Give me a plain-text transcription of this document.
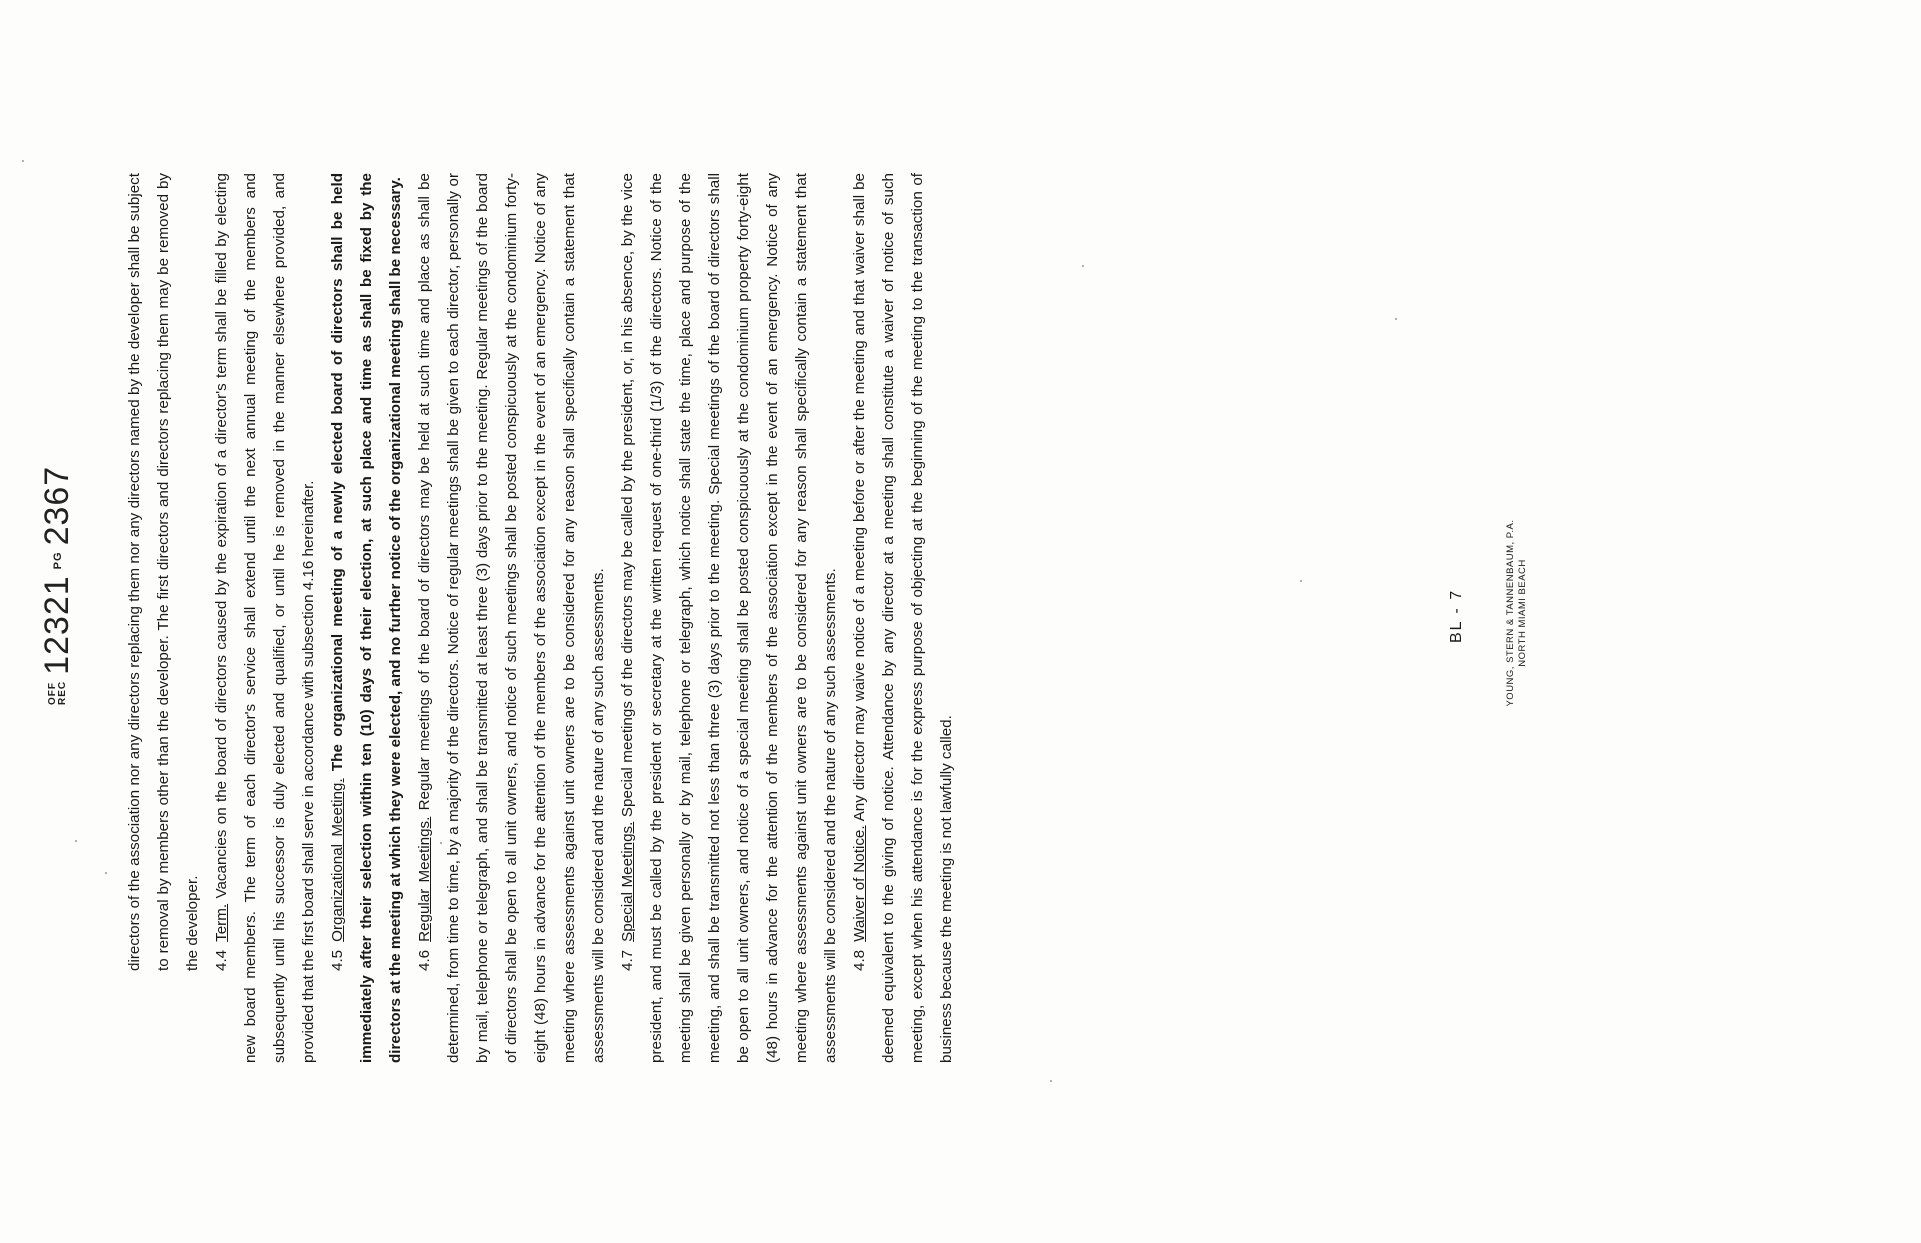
OFF REC
12321
PG
2367	directors of the association nor any directors replacing them nor any directors named by the developer shall be subject to removal by members other than the developer. The first directors and directors replacing them may be removed by the developer. 4.4Term. Vacancies on the board of directors caused by the expiration of a director's term shall be filled by electing new board members. The term of each director's service shall extend until the next annual meeting of the members and subsequently until his successor is duly elected and qualified, or until he is removed in the manner elsewhere provided, and provided that the first board shall serve in accordance with subsection 4.16 hereinafter. 4.5Organizational Meeting. The organizational meeting of a newly elected board of directors shall be held immediately after their selection within ten (10) days of their election, at such place and time as shall be fixed by the directors at the meeting at which they were elected, and no further notice of the organizational meeting shall be necessary. 4.6Regular Meetings. Regular meetings of the board of directors may be held at such time and place as shall be determined, from time to time, by a majority of the directors. Notice of regular meetings shall be given to each director, personally or by mail, telephone or telegraph, and shall be transmitted at least three (3) days prior to the meeting. Regular meetings of the board of directors shall be open to all unit owners, and notice of such meetings shall be posted conspicuously at the condominium forty-eight (48) hours in advance for the attention of the members of the association except in the event of an emergency. Notice of any meeting where assessments against unit owners are to be considered for any reason shall specifically contain a statement that assessments will be considered and the nature of any such assessments. 4.7Special Meetings. Special meetings of the directors may be called by the president, or, in his absence, by the vice president, and must be called by the president or secretary at the written request of one-third (1/3) of the directors. Notice of the meeting shall be given personally or by mail, telephone or telegraph, which notice shall state the time, place and purpose of the meeting, and shall be transmitted not less than three (3) days prior to the meeting. Special meetings of the board of directors shall be open to all unit owners, and notice of a special meeting shall be posted conspicuously at the condominium property forty-eight (48) hours in advance for the attention of the members of the association except in the event of an emergency. Notice of any meeting where assessments against unit owners are to be considered for any reason shall specifically contain a statement that assessments will be considered and the nature of any such assessments. 4.8Waiver of Notice. Any director may waive notice of a meeting before or after the meeting and that waiver shall be deemed equivalent to the giving of notice. Attendance by any director at a meeting shall constitute a waiver of notice of such meeting, except when his attendance is for the express purpose of objecting at the beginning of the meeting to the transaction of business because the meeting is not lawfully called.

BL - 7	YOUNG, STERN & TANNENBAUM, P.A. NORTH MIAMI BEACH
